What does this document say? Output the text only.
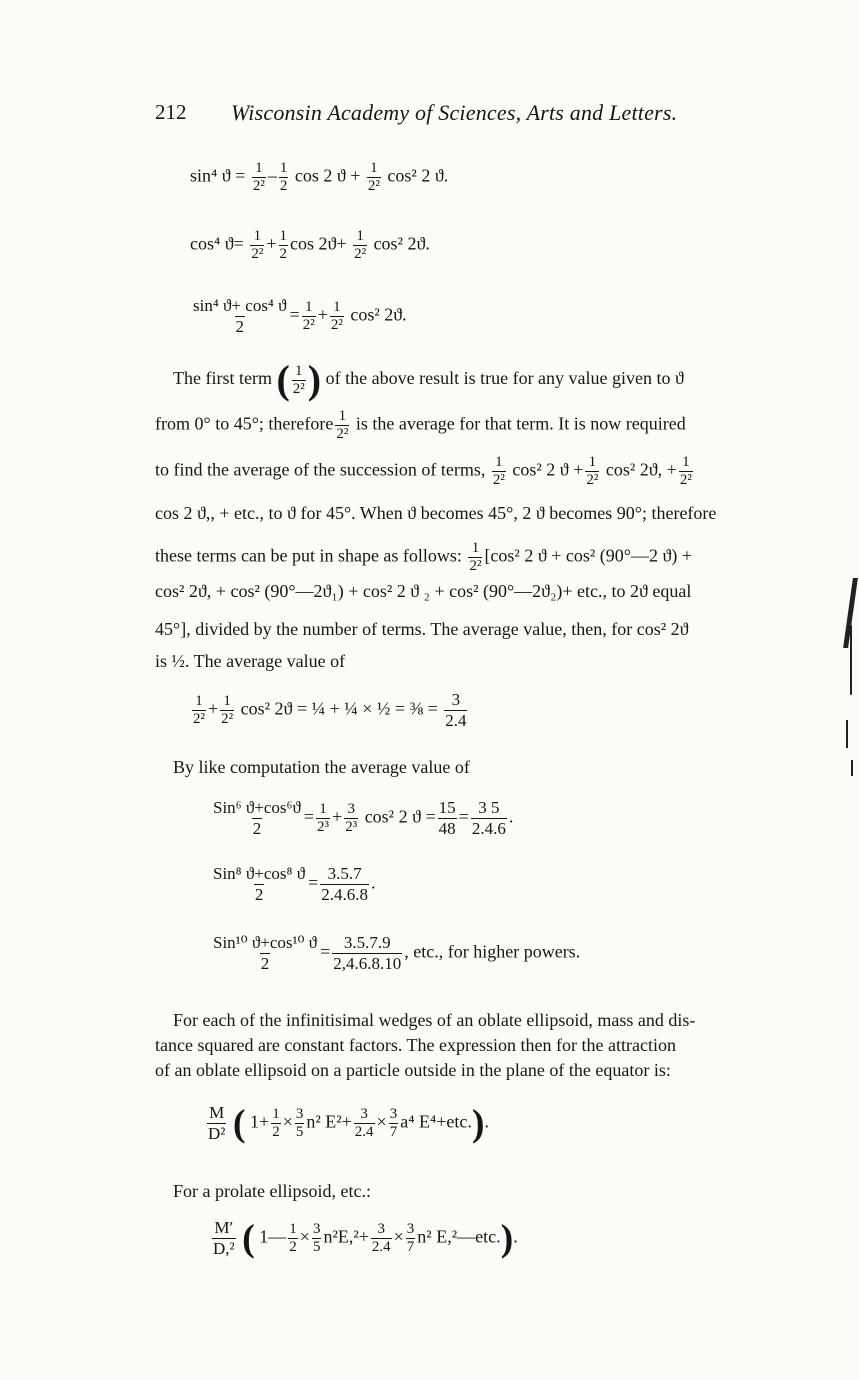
212 Wisconsin Academy of Sciences, Arts and Letters.
sin⁴ $ϑ = \frac{1}{\text{2²}} - \frac{1}{2}$ cos 2 $ϑ + \frac{1}{\text{2²}} \cos^2$ 2 ϑ.
cos⁴ $ϑ= \frac{1}{\text{2²}} + \frac{1}{2}$ $\cos 2ϑ+ \frac{1}{\text{2²}} \cos^2$ 2ϑ.
$\frac{\text{sin⁴ ϑ+ cos⁴ ϑ}}{2} = \frac{1}{\text{2²}} + \frac{1}{\text{2²}} \cos^2$ 2ϑ.
The first term ( $\frac{1}{\text{2²}}$ ) of the above result is true for any value given to ϑ
from 0° to 45°; therefore $\frac{1}{\text{2²}}$ is the average for that term. It is now required
to find the average of the succession of terms, $\frac{1}{\text{2²}} \cos^2$ 2 $ϑ + \frac{1}{\text{2²}} \cos^2$ 2ϑ, + $\frac{1}{\text{2²}}$
cos 2 ϑ,, + etc., to ϑ for 45°. When ϑ becomes 45°, 2 ϑ becomes 90°; therefore
these terms can be put in shape as follows: $\frac{1}{\text{2²}} [\cos^2$ 2 ϑ + cos² (90°—2 ϑ) +
cos² 2ϑ, + cos² (90°—2ϑ₁) + cos² 2 ϑ ₂ + cos² (90°—2ϑ₂)+ etc., to 2ϑ equal
45°], divided by the number of terms. The average value, then, for cos² 2ϑ
is ½. The average value of
$\frac{1}{\text{2²}} + \frac{1}{\text{2²}} \cos^2$ 2ϑ = ¼ + ¼ × ½ = ⅜ = $\frac{3}{2.4}$
By like computation the average value of
Sin⁶ ϑ+cos⁶ϑ
2
= $\frac{1}{\text{2³}} + \frac{3}{\text{2³}} \cos^2$ 2 $ϑ = \frac{15}{48} = \frac{3 5}{2.4.6}$ .
Sin⁸ ϑ+cos⁸ ϑ
2
= $\frac{3.5.7}{2.4.6.8}$ .
Sin¹⁰ ϑ+cos¹⁰ ϑ
2
= $\frac{3.5.7.9}{2,4.6.8.10}$ , etc., for higher powers.
For each of the infinitisimal wedges of an oblate ellipsoid, mass and dis-
tance squared are constant factors. The expression then for the attraction
of an oblate ellipsoid on a particle outside in the plane of the equator is:
$\frac{M}{\text{D²}}$ ( $1+ \frac{1}{2} \times \frac{3}{5} n^2$ $E^2+ \frac{3}{2.4} \times \frac{3}{7} a^4$ E⁴+etc.).
For a prolate ellipsoid, etc.:
$\frac{M'}{\text{D,²}}$ ( 1— $\frac{1}{2} \times \frac{3}{5} n^2E,^2+ \frac{3}{2.4} \times \frac{3}{7} n^2$ E,²—etc.).
